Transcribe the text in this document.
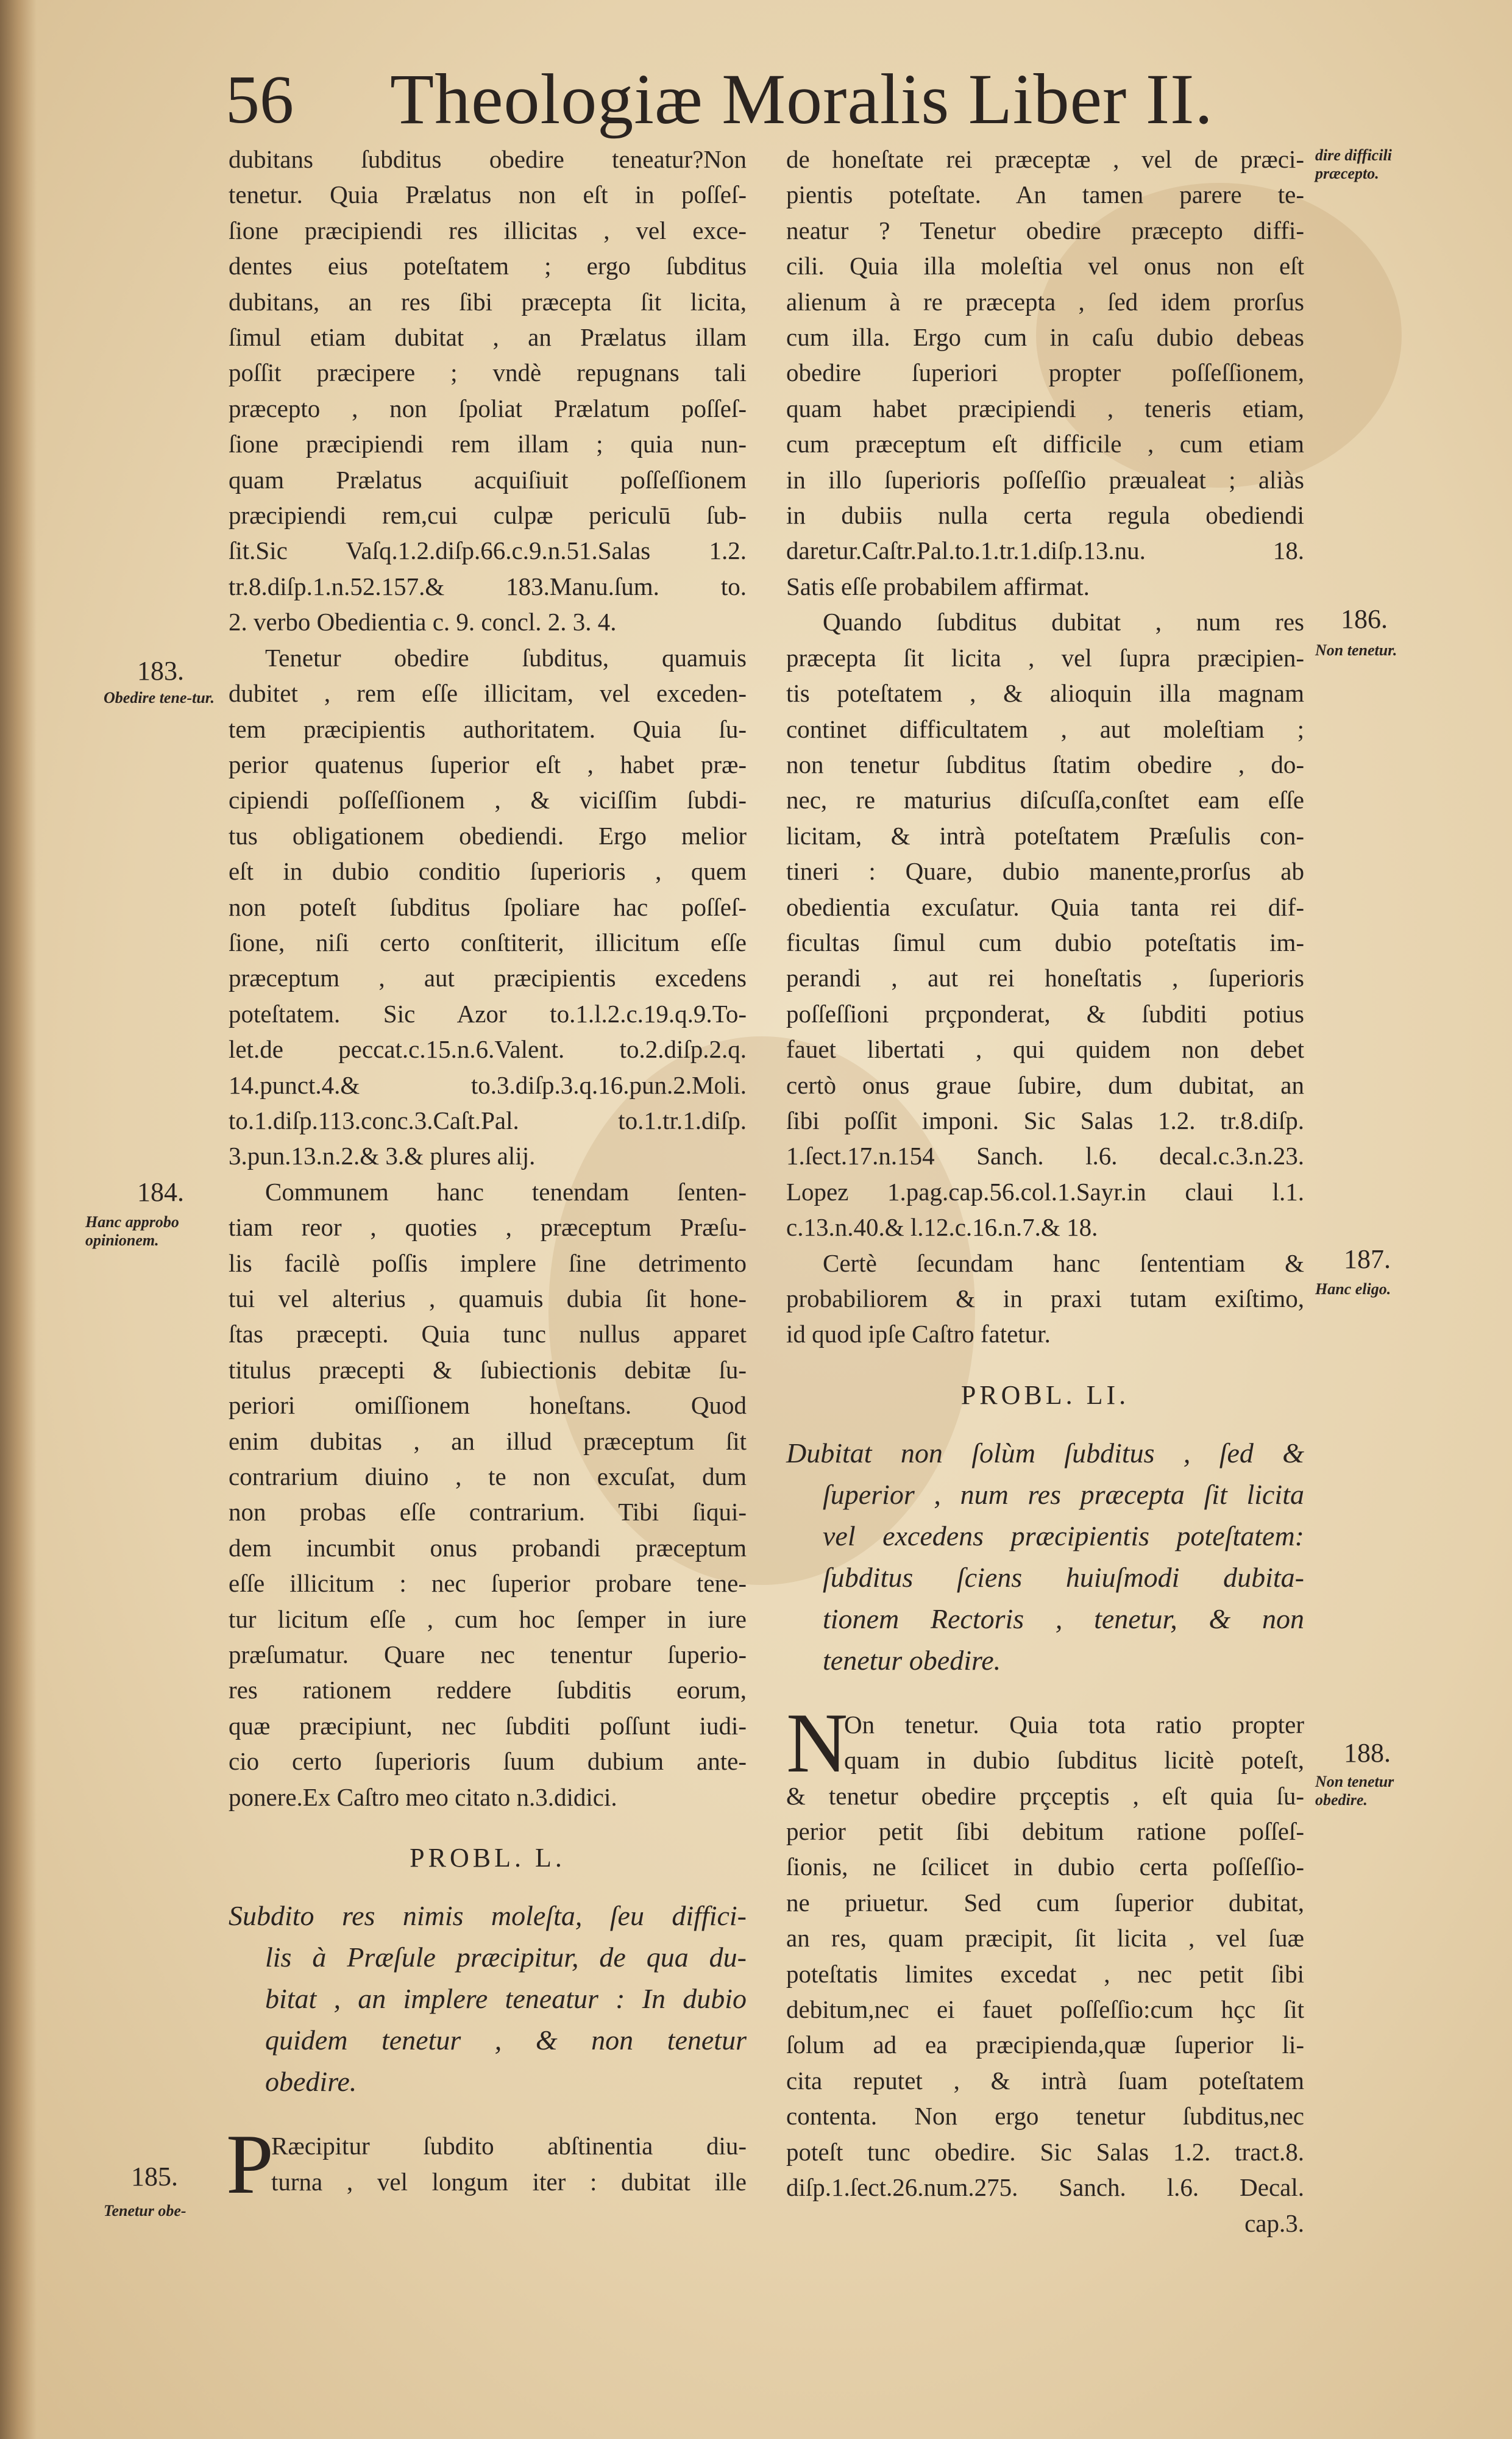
56 Theologiæ Moralis Liber II.

dubitans ſubditus obedire teneatur?Non
tenetur. Quia Prælatus non eſt in poſſeſ-
ſione præcipiendi res illicitas , vel exce-
dentes eius poteſtatem ; ergo ſubditus
dubitans, an res ſibi præcepta ſit licita,
ſimul etiam dubitat , an Prælatus illam
poſſit præcipere ; vndè repugnans tali
præcepto , non ſpoliat Prælatum poſſeſ-
ſione præcipiendi rem illam ; quia nun-
quam Prælatus acquiſiuit poſſeſſionem
præcipiendi rem,cui culpæ periculū ſub-
ſit.Sic Vaſq.1.2.diſp.66.c.9.n.51.Salas 1.2.
tr.8.diſp.1.n.52.157.& 183.Manu.ſum. to.
2. verbo Obedientia c. 9. concl. 2. 3. 4.

Tenetur obedire ſubditus, quamuis
dubitet , rem eſſe illicitam, vel exceden-
tem præcipientis authoritatem. Quia ſu-
perior quatenus ſuperior eſt , habet præ-
cipiendi poſſeſſionem , & viciſſim ſubdi-
tus obligationem obediendi. Ergo melior
eſt in dubio conditio ſuperioris , quem
non poteſt ſubditus ſpoliare hac poſſeſ-
ſione, niſi certo conſtiterit, illicitum eſſe
præceptum , aut præcipientis excedens
poteſtatem. Sic Azor to.1.l.2.c.19.q.9.To-
let.de peccat.c.15.n.6.Valent. to.2.diſp.2.q.
14.punct.4.& to.3.diſp.3.q.16.pun.2.Moli.
to.1.diſp.113.conc.3.Caſt.Pal. to.1.tr.1.diſp.
3.pun.13.n.2.& 3.& plures alij.

Communem hanc tenendam ſenten-
tiam reor , quoties , præceptum Præſu-
lis facilè poſſis implere ſine detrimento
tui vel alterius , quamuis dubia ſit hone-
ſtas præcepti. Quia tunc nullus apparet
titulus præcepti & ſubiectionis debitæ ſu-
periori omiſſionem honeſtans. Quod
enim dubitas , an illud præceptum ſit
contrarium diuino , te non excuſat, dum
non probas eſſe contrarium. Tibi ſiqui-
dem incumbit onus probandi præceptum
eſſe illicitum : nec ſuperior probare tene-
tur licitum eſſe , cum hoc ſemper in iure
præſumatur. Quare nec tenentur ſuperio-
res rationem reddere ſubditis eorum,
quæ præcipiunt, nec ſubditi poſſunt iudi-
cio certo ſuperioris ſuum dubium ante-
ponere.Ex Caſtro meo citato n.3.didici.

PROBL. L.
Subdito res nimis moleſta, ſeu diffici-
lis à Præſule præcipitur, de qua du-
bitat , an implere teneatur : In dubio
quidem tenetur , & non tenetur
obedire.

P
Ræcipitur ſubdito abſtinentia diu-
turna , vel longum iter : dubitat ille

de honeſtate rei præceptæ , vel de præci-
pientis poteſtate. An tamen parere te-
neatur ? Tenetur obedire præcepto diffi-
cili. Quia illa moleſtia vel onus non eſt
alienum à re præcepta , ſed idem prorſus
cum illa. Ergo cum in caſu dubio debeas
obedire ſuperiori propter poſſeſſionem,
quam habet præcipiendi , teneris etiam,
cum præceptum eſt difficile , cum etiam
in illo ſuperioris poſſeſſio præualeat ; aliàs
in dubiis nulla certa regula obediendi
daretur.Caſtr.Pal.to.1.tr.1.diſp.13.nu. 18.
Satis eſſe probabilem affirmat.

Quando ſubditus dubitat , num res
præcepta ſit licita , vel ſupra præcipien-
tis poteſtatem , & alioquin illa magnam
continet difficultatem , aut moleſtiam ;
non tenetur ſubditus ſtatim obedire , do-
nec, re maturius diſcuſſa,conſtet eam eſſe
licitam, & intrà poteſtatem Præſulis con-
tineri : Quare, dubio manente,prorſus ab
obedientia excuſatur. Quia tanta rei dif-
ficultas ſimul cum dubio poteſtatis im-
perandi , aut rei honeſtatis , ſuperioris
poſſeſſioni prçponderat, & ſubditi potius
fauet libertati , qui quidem non debet
certò onus graue ſubire, dum dubitat, an
ſibi poſſit imponi. Sic Salas 1.2. tr.8.diſp.
1.ſect.17.n.154 Sanch. l.6. decal.c.3.n.23.
Lopez 1.pag.cap.56.col.1.Sayr.in claui l.1.
c.13.n.40.& l.12.c.16.n.7.& 18.

Certè ſecundam hanc ſententiam &
probabiliorem & in praxi tutam exiſtimo,
id quod ipſe Caſtro fatetur.

PROBL. LI.
Dubitat non ſolùm ſubditus , ſed &
ſuperior , num res præcepta ſit licita
vel excedens præcipientis poteſtatem:
ſubditus ſciens huiuſmodi dubita-
tionem Rectoris , tenetur, & non
tenetur obedire.

N
On tenetur. Quia tota ratio propter
quam in dubio ſubditus licitè poteſt,
& tenetur obedire prçceptis , eſt quia ſu-
perior petit ſibi debitum ratione poſſeſ-
ſionis, ne ſcilicet in dubio certa poſſeſſio-
ne priuetur. Sed cum ſuperior dubitat,
an res, quam præcipit, ſit licita , vel ſuæ
poteſtatis limites excedat , nec petit ſibi
debitum,nec ei fauet poſſeſſio:cum hçc ſit
ſolum ad ea præcipienda,quæ ſuperior li-
cita reputet , & intrà ſuam poteſtatem
contenta. Non ergo tenetur ſubditus,nec
poteſt tunc obedire. Sic Salas 1.2. tract.8.
diſp.1.ſect.26.num.275. Sanch. l.6. Decal.

cap.3.
183.
Obedire tene-tur.
184.
Hanc approbo opinionem.
185.
Tenetur obe-
dire difficili præcepto.
186.
Non tenetur.
187.
Hanc eligo.
188.
Non tenetur obedire.
